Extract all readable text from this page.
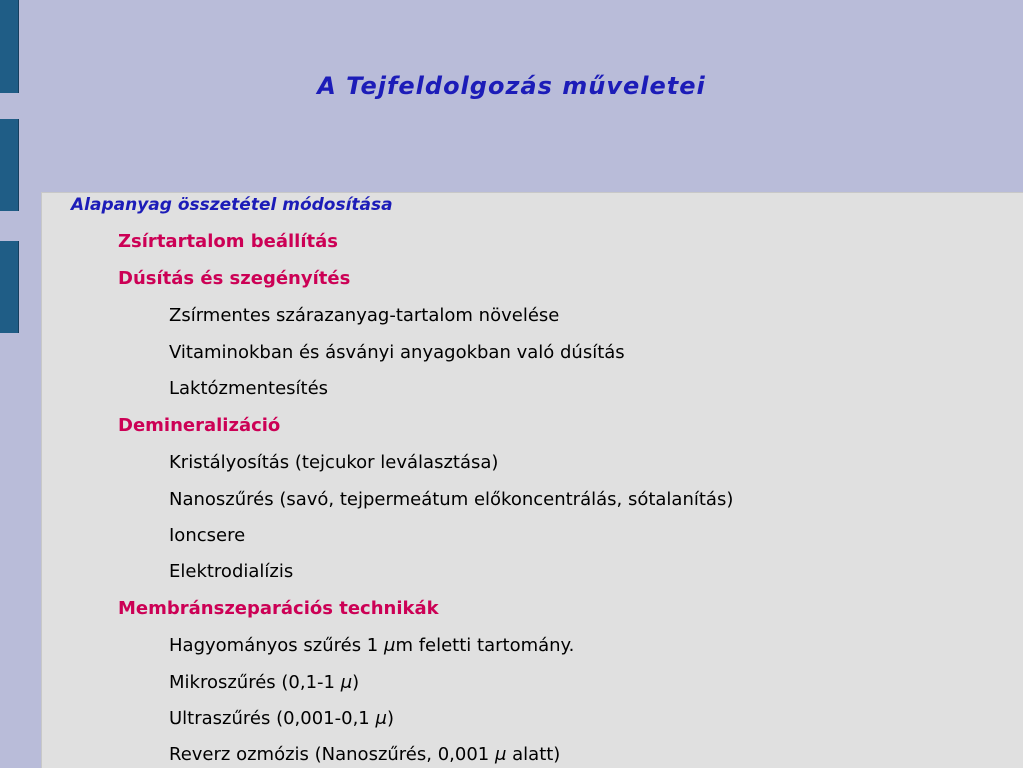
A Tejfeldolgozás műveletei
Alapanyag összetétel módosítása
Zsírtartalom beállítás
Dúsítás és szegényítés
Zsírmentes szárazanyag-tartalom növelése
Vitaminokban és ásványi anyagokban való dúsítás
Laktózmentesítés
Demineralizáció
Kristályosítás (tejcukor leválasztása)
Nanoszűrés (savó, tejpermeátum előkoncentrálás, sótalanítás)
Ioncsere
Elektrodialízis
Membránszeparációs technikák
Hagyományos szűrés 1 μm feletti tartomány.
Mikroszűrés (0,1-1 μ)
Ultraszűrés (0,001-0,1 μ)
Reverz ozmózis (Nanoszűrés, 0,001 μ alatt)
